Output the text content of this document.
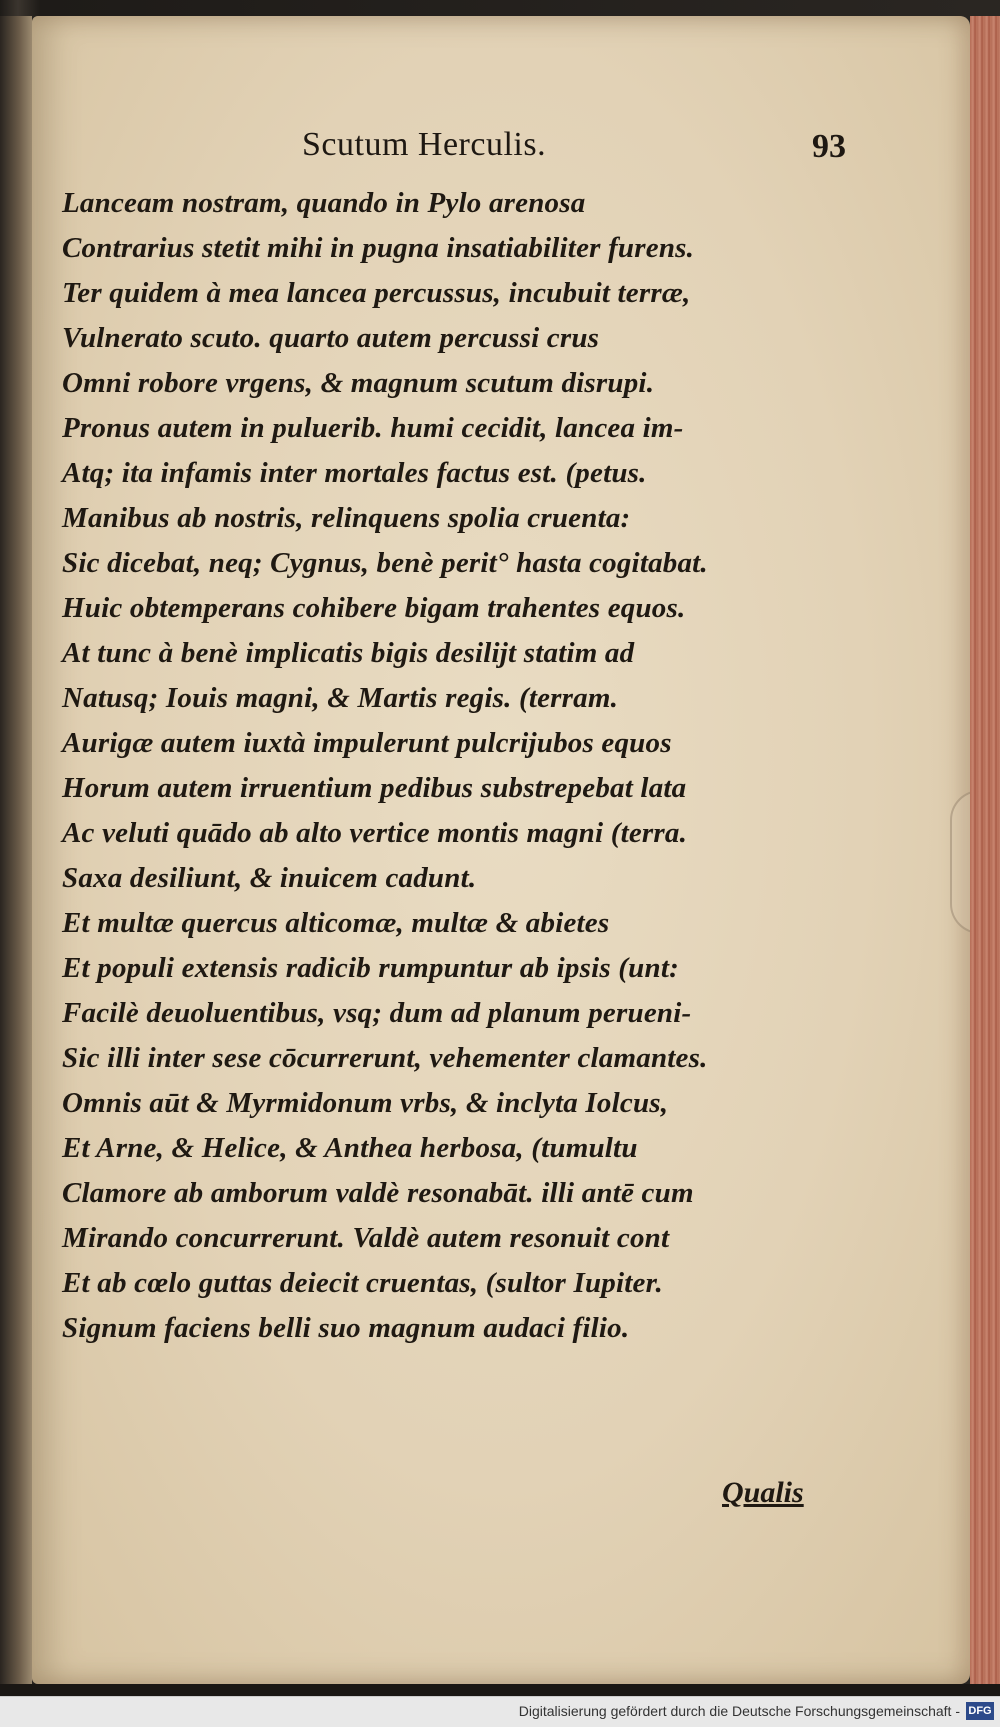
Scutum Herculis.	93
Lanceam nostram, quando in Pylo arenosa
Contrarius stetit mihi in pugna insatiabiliter furens.
Ter quidem à mea lancea percussus, incubuit terræ,
Vulnerato scuto. quarto autem percussi crus
Omni robore vrgens, & magnum scutum disrupi.
Pronus autem in puluerib. humi cecidit, lancea im-
Atq; ita infamis inter mortales factus est. (petus.
Manibus ab nostris, relinquens spolia cruenta:
Sic dicebat, neq; Cygnus, benè perit° hasta cogitabat.
Huic obtemperans cohibere bigam trahentes equos.
At tunc à benè implicatis bigis desilijt statim ad
Natusq; Iouis magni, & Martis regis. (terram.
Aurigæ autem iuxtà impulerunt pulcrijubos equos
Horum autem irruentium pedibus substrepebat lata
Ac veluti quādo ab alto vertice montis magni (terra.
Saxa desiliunt, & inuicem cadunt.
Et multæ quercus alticomæ, multæ & abietes
Et populi extensis radicib rumpuntur ab ipsis (unt:
Facilè deuoluentibus, vsq; dum ad planum perueni-
Sic illi inter sese cōcurrerunt, vehementer clamantes.
Omnis aūt & Myrmidonum vrbs, & inclyta Iolcus,
Et Arne, & Helice, & Anthea herbosa, (tumultu
Clamore ab amborum valdè resonabāt. illi antē cum
Mirando concurrerunt. Valdè autem resonuit cont
Et ab cœlo guttas deiecit cruentas, (sultor Iupiter.
Signum faciens belli suo magnum audaci filio.
Qualis
Digitalisierung gefördert durch die Deutsche Forschungsgemeinschaft - DFG
